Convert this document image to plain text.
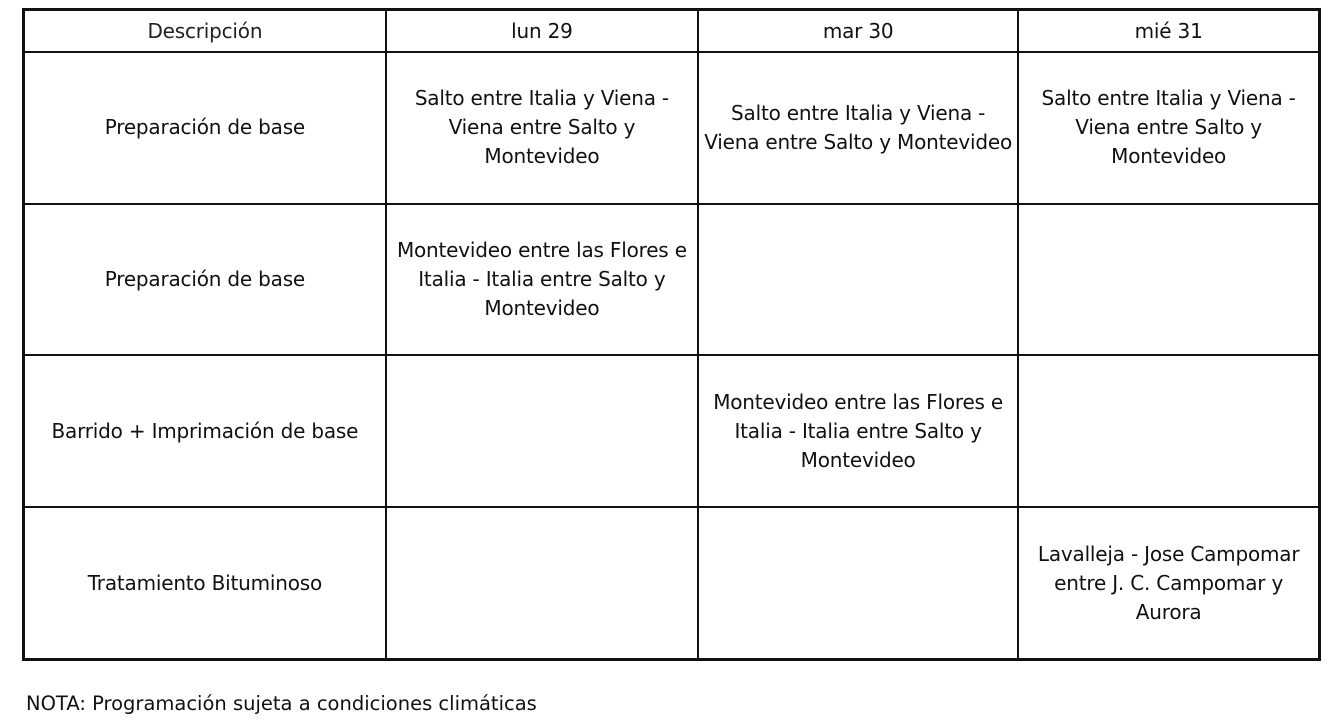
Descripción	lun 29	mar 30	mié 31
Preparación de base	Salto entre Italia y Viena - Viena entre Salto y Montevideo	Salto entre Italia y Viena - Viena entre Salto y Montevideo	Salto entre Italia y Viena - Viena entre Salto y Montevideo
Preparación de base	Montevideo entre las Flores e Italia - Italia entre Salto y Montevideo		
Barrido + Imprimación de base		Montevideo entre las Flores e Italia - Italia entre Salto y Montevideo	
Tratamiento Bituminoso			Lavalleja - Jose Campomar entre J. C. Campomar y Aurora
NOTA: Programación sujeta a condiciones climáticas
